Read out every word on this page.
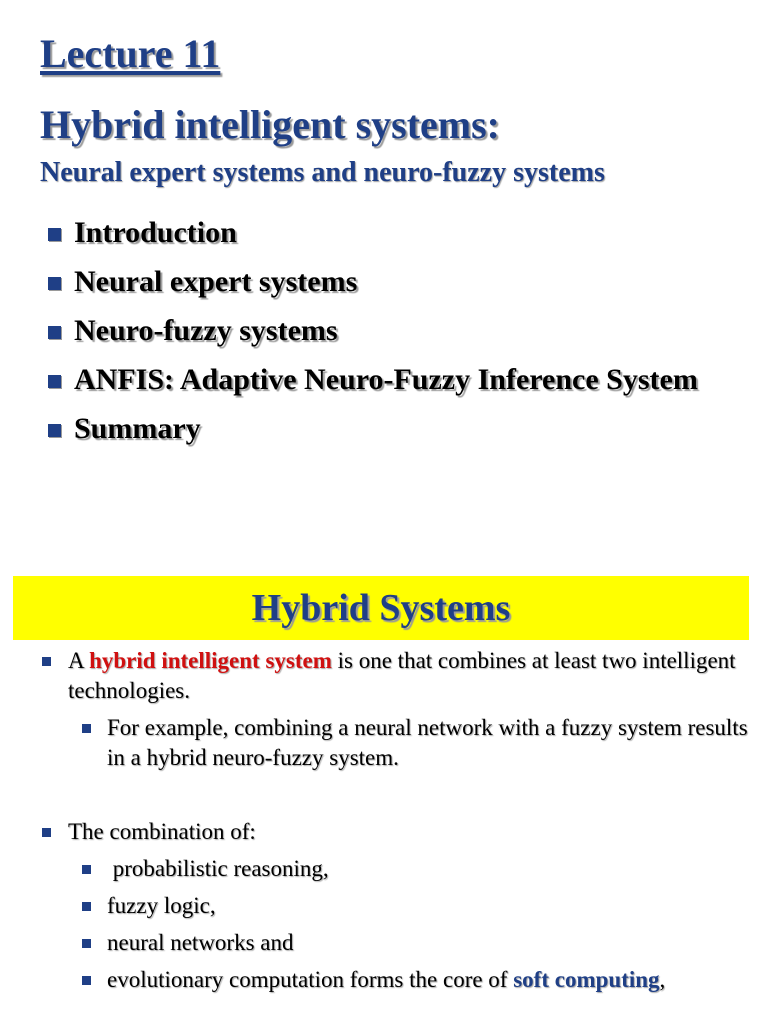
Lecture 11
Hybrid intelligent systems:
Neural expert systems and neuro-fuzzy systems
Introduction
Neural expert systems
Neuro-fuzzy systems
ANFIS: Adaptive Neuro-Fuzzy Inference System
Summary
Hybrid Systems
A hybrid intelligent system is one that combines at least two intelligent technologies.
For example, combining a neural network with a fuzzy system results in a hybrid neuro-fuzzy system.
The combination of:
probabilistic reasoning,
fuzzy logic,
neural networks and
evolutionary computation forms the core of soft computing,
